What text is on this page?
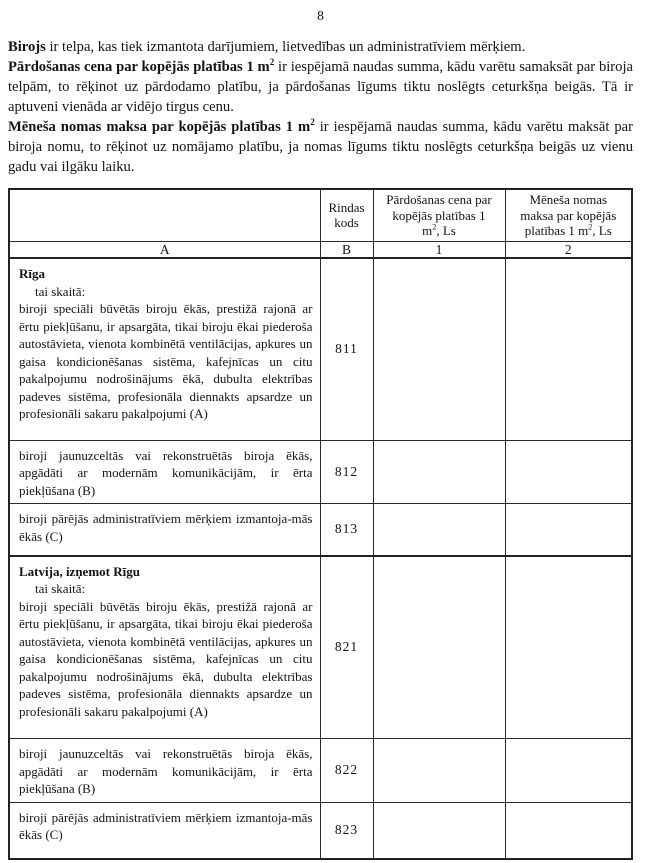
8

Birojs ir telpa, kas tiek izmantota darījumiem, lietvedības un administratīviem mērķiem.

Pārdošanas cena par kopējās platības 1 $m^2$ ir iespējamā naudas summa, kādu varētu samaksāt par biroja telpām, to rēķinot uz pārdodamo platību, ja pārdošanas līgums tiktu noslēgts ceturkšņa beigās. Tā ir aptuveni vienāda ar vidējo tirgus cenu.

Mēneša nomas maksa par kopējās platības 1 $m^2$ ir iespējamā naudas summa, kādu varētu maksāt par biroja nomu, to rēķinot uz nomājamo platību, ja nomas līgums tiktu noslēgts ceturkšņa beigās uz vienu gadu vai ilgāku laiku.

	Rindas kods	Pārdošanas cena par kopējās platības 1 $m^2$, Ls	Mēneša nomas maksa par kopējās platības 1 $m^2$, Ls
A	B	1	2

Rīga
tai skaitā:
biroji speciāli būvētās biroju ēkās, prestižā rajonā ar ērtu piekļūšanu, ir apsargāta, tikai biroju ēkai piederoša autostāvieta, vienota kombinētā ventilācijas, apkures un gaisa kondicionēšanas sistēma, kafejnīcas un citu pakalpojumu nodrošinājums ēkā, dubulta elektrības padeves sistēma, profesionāla diennakts apsardze un profesionāli sakaru pakalpojumi (A)	811		

biroji jaunuzceltās vai rekonstruētās biroja ēkās, apgādāti ar modernām komunikācijām, ir ērta piekļūšana (B)	812		

biroji pārējās administratīviem mērķiem izmantoja-mās ēkās (C)	813		

Latvija, izņemot Rīgu
tai skaitā:
biroji speciāli būvētās biroju ēkās, prestižā rajonā ar ērtu piekļūšanu, ir apsargāta, tikai biroju ēkai piederoša autostāvieta, vienota kombinētā ventilācijas, apkures un gaisa kondicionēšanas sistēma, kafejnīcas un citu pakalpojumu nodrošinājums ēkā, dubulta elektrības padeves sistēma, profesionāla diennakts apsardze un profesionāli sakaru pakalpojumi (A)	821		

biroji jaunuzceltās vai rekonstruētās biroja ēkās, apgādāti ar modernām komunikācijām, ir ērta piekļūšana (B)	822		

biroji pārējās administratīviem mērķiem izmantoja-mās ēkās (C)	823		
